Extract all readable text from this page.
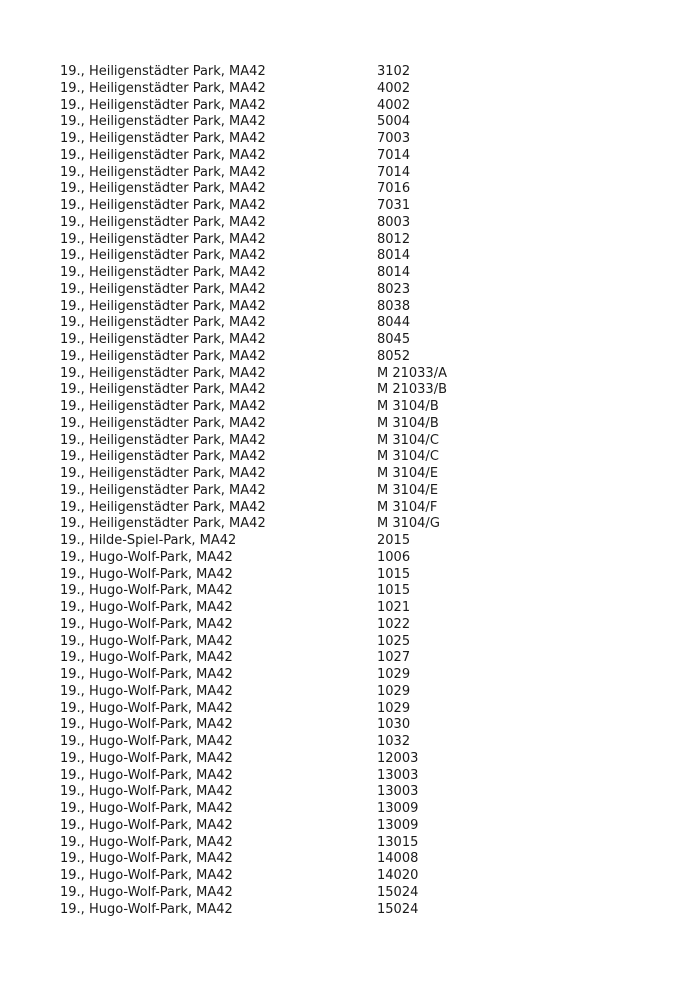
19., Heiligenstädter Park, MA42	3102
19., Heiligenstädter Park, MA42	4002
19., Heiligenstädter Park, MA42	4002
19., Heiligenstädter Park, MA42	5004
19., Heiligenstädter Park, MA42	7003
19., Heiligenstädter Park, MA42	7014
19., Heiligenstädter Park, MA42	7014
19., Heiligenstädter Park, MA42	7016
19., Heiligenstädter Park, MA42	7031
19., Heiligenstädter Park, MA42	8003
19., Heiligenstädter Park, MA42	8012
19., Heiligenstädter Park, MA42	8014
19., Heiligenstädter Park, MA42	8014
19., Heiligenstädter Park, MA42	8023
19., Heiligenstädter Park, MA42	8038
19., Heiligenstädter Park, MA42	8044
19., Heiligenstädter Park, MA42	8045
19., Heiligenstädter Park, MA42	8052
19., Heiligenstädter Park, MA42	M 21033/A
19., Heiligenstädter Park, MA42	M 21033/B
19., Heiligenstädter Park, MA42	M 3104/B
19., Heiligenstädter Park, MA42	M 3104/B
19., Heiligenstädter Park, MA42	M 3104/C
19., Heiligenstädter Park, MA42	M 3104/C
19., Heiligenstädter Park, MA42	M 3104/E
19., Heiligenstädter Park, MA42	M 3104/E
19., Heiligenstädter Park, MA42	M 3104/F
19., Heiligenstädter Park, MA42	M 3104/G
19., Hilde-Spiel-Park, MA42	2015
19., Hugo-Wolf-Park, MA42	1006
19., Hugo-Wolf-Park, MA42	1015
19., Hugo-Wolf-Park, MA42	1015
19., Hugo-Wolf-Park, MA42	1021
19., Hugo-Wolf-Park, MA42	1022
19., Hugo-Wolf-Park, MA42	1025
19., Hugo-Wolf-Park, MA42	1027
19., Hugo-Wolf-Park, MA42	1029
19., Hugo-Wolf-Park, MA42	1029
19., Hugo-Wolf-Park, MA42	1029
19., Hugo-Wolf-Park, MA42	1030
19., Hugo-Wolf-Park, MA42	1032
19., Hugo-Wolf-Park, MA42	12003
19., Hugo-Wolf-Park, MA42	13003
19., Hugo-Wolf-Park, MA42	13003
19., Hugo-Wolf-Park, MA42	13009
19., Hugo-Wolf-Park, MA42	13009
19., Hugo-Wolf-Park, MA42	13015
19., Hugo-Wolf-Park, MA42	14008
19., Hugo-Wolf-Park, MA42	14020
19., Hugo-Wolf-Park, MA42	15024
19., Hugo-Wolf-Park, MA42	15024
